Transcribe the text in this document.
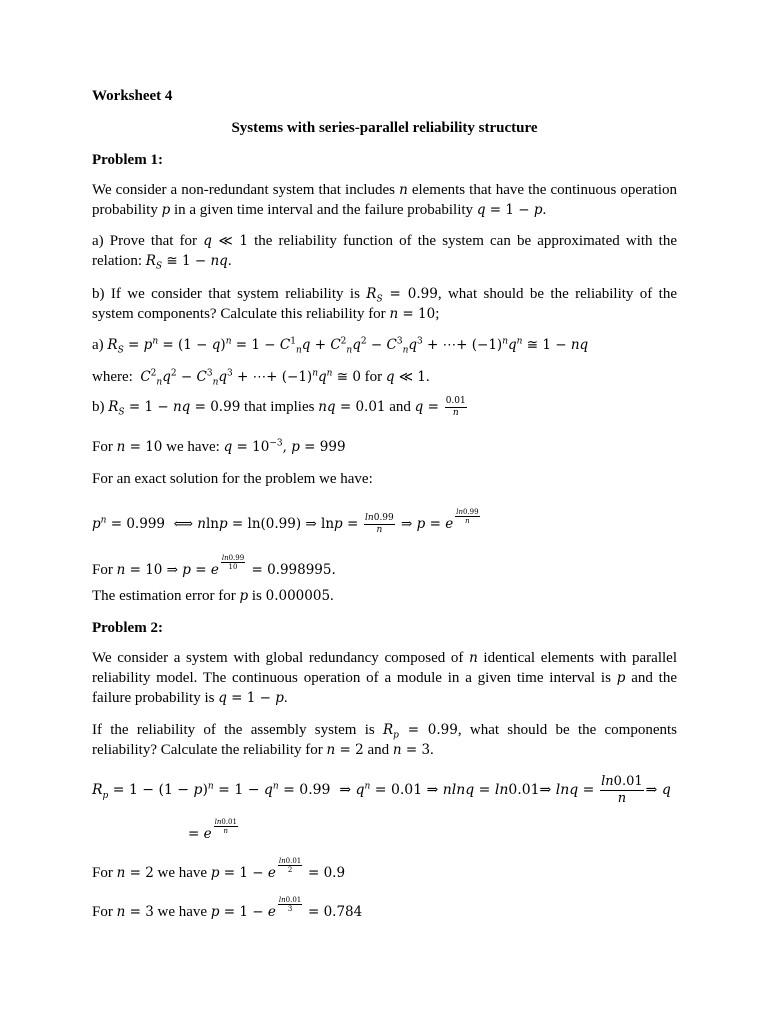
Worksheet 4
Systems with series-parallel reliability structure
Problem 1:
We consider a non-redundant system that includes n elements that have the continuous operation probability p in a given time interval and the failure probability q = 1 − p.
a) Prove that for q ≪ 1 the reliability function of the system can be approximated with the relation: $R_S$ ≅ 1 − nq.
b) If we consider that system reliability is $R_S = 0.99$, what should be the reliability of the system components? Calculate this reliability for n = 10;
a) $R_S = p^n = (1 - q)^n = 1 - C^1_nq + C^2_nq^2 - C^3_nq^3$ + ⋯+ $(-1)^nq^n$ ≅ 1 − nq
where: $C^2_nq^2 - C^3_nq^3$ + ⋯+ $(-1)^nq^n$ ≅ 0 for q ≪ 1.
b) $R_S = 1$ − nq = 0.99 that implies nq = 0.01 and $q = \frac{0.01}{n}$
For n = 10 we have: $q = 10^{-3}$, p = 999
For an exact solution for the problem we have:
$p^n = 0.999$  ⟺ nlnp = ln(0.99) ⇒ $\ln p = \frac{\ln 0.99}{n}$ ⇒ p = e $\frac{\ln 0.99}{n}$
For n = 10 ⇒ p = e $\frac{\ln 0.99}{10} = 0.998995$.
The estimation error for p is 0.000005.
Problem 2:
We consider a system with global redundancy composed of n identical elements with parallel reliability model. The continuous operation of a module in a given time interval is p and the failure probability is q = 1 − p.
If the reliability of the assembly system is $R_p = 0.99$, what should be the components reliability? Calculate the reliability for n = 2 and n = 3.
$R_p = 1 - (1 - p)^n = 1 - q^n = 0.99$  ⇒ $q^n = 0.01$ ⇒ nlnq = ln0.01⇒ $\ln q = \frac{\ln 0.01}{n}$ ⇒ q
= e $\frac{\ln 0.01}{n}$
For n = 2 we have p = 1 − e $\frac{\ln 0.01}{2} = 0.9$
For n = 3 we have p = 1 − e $\frac{\ln 0.01}{3} = 0.784$
